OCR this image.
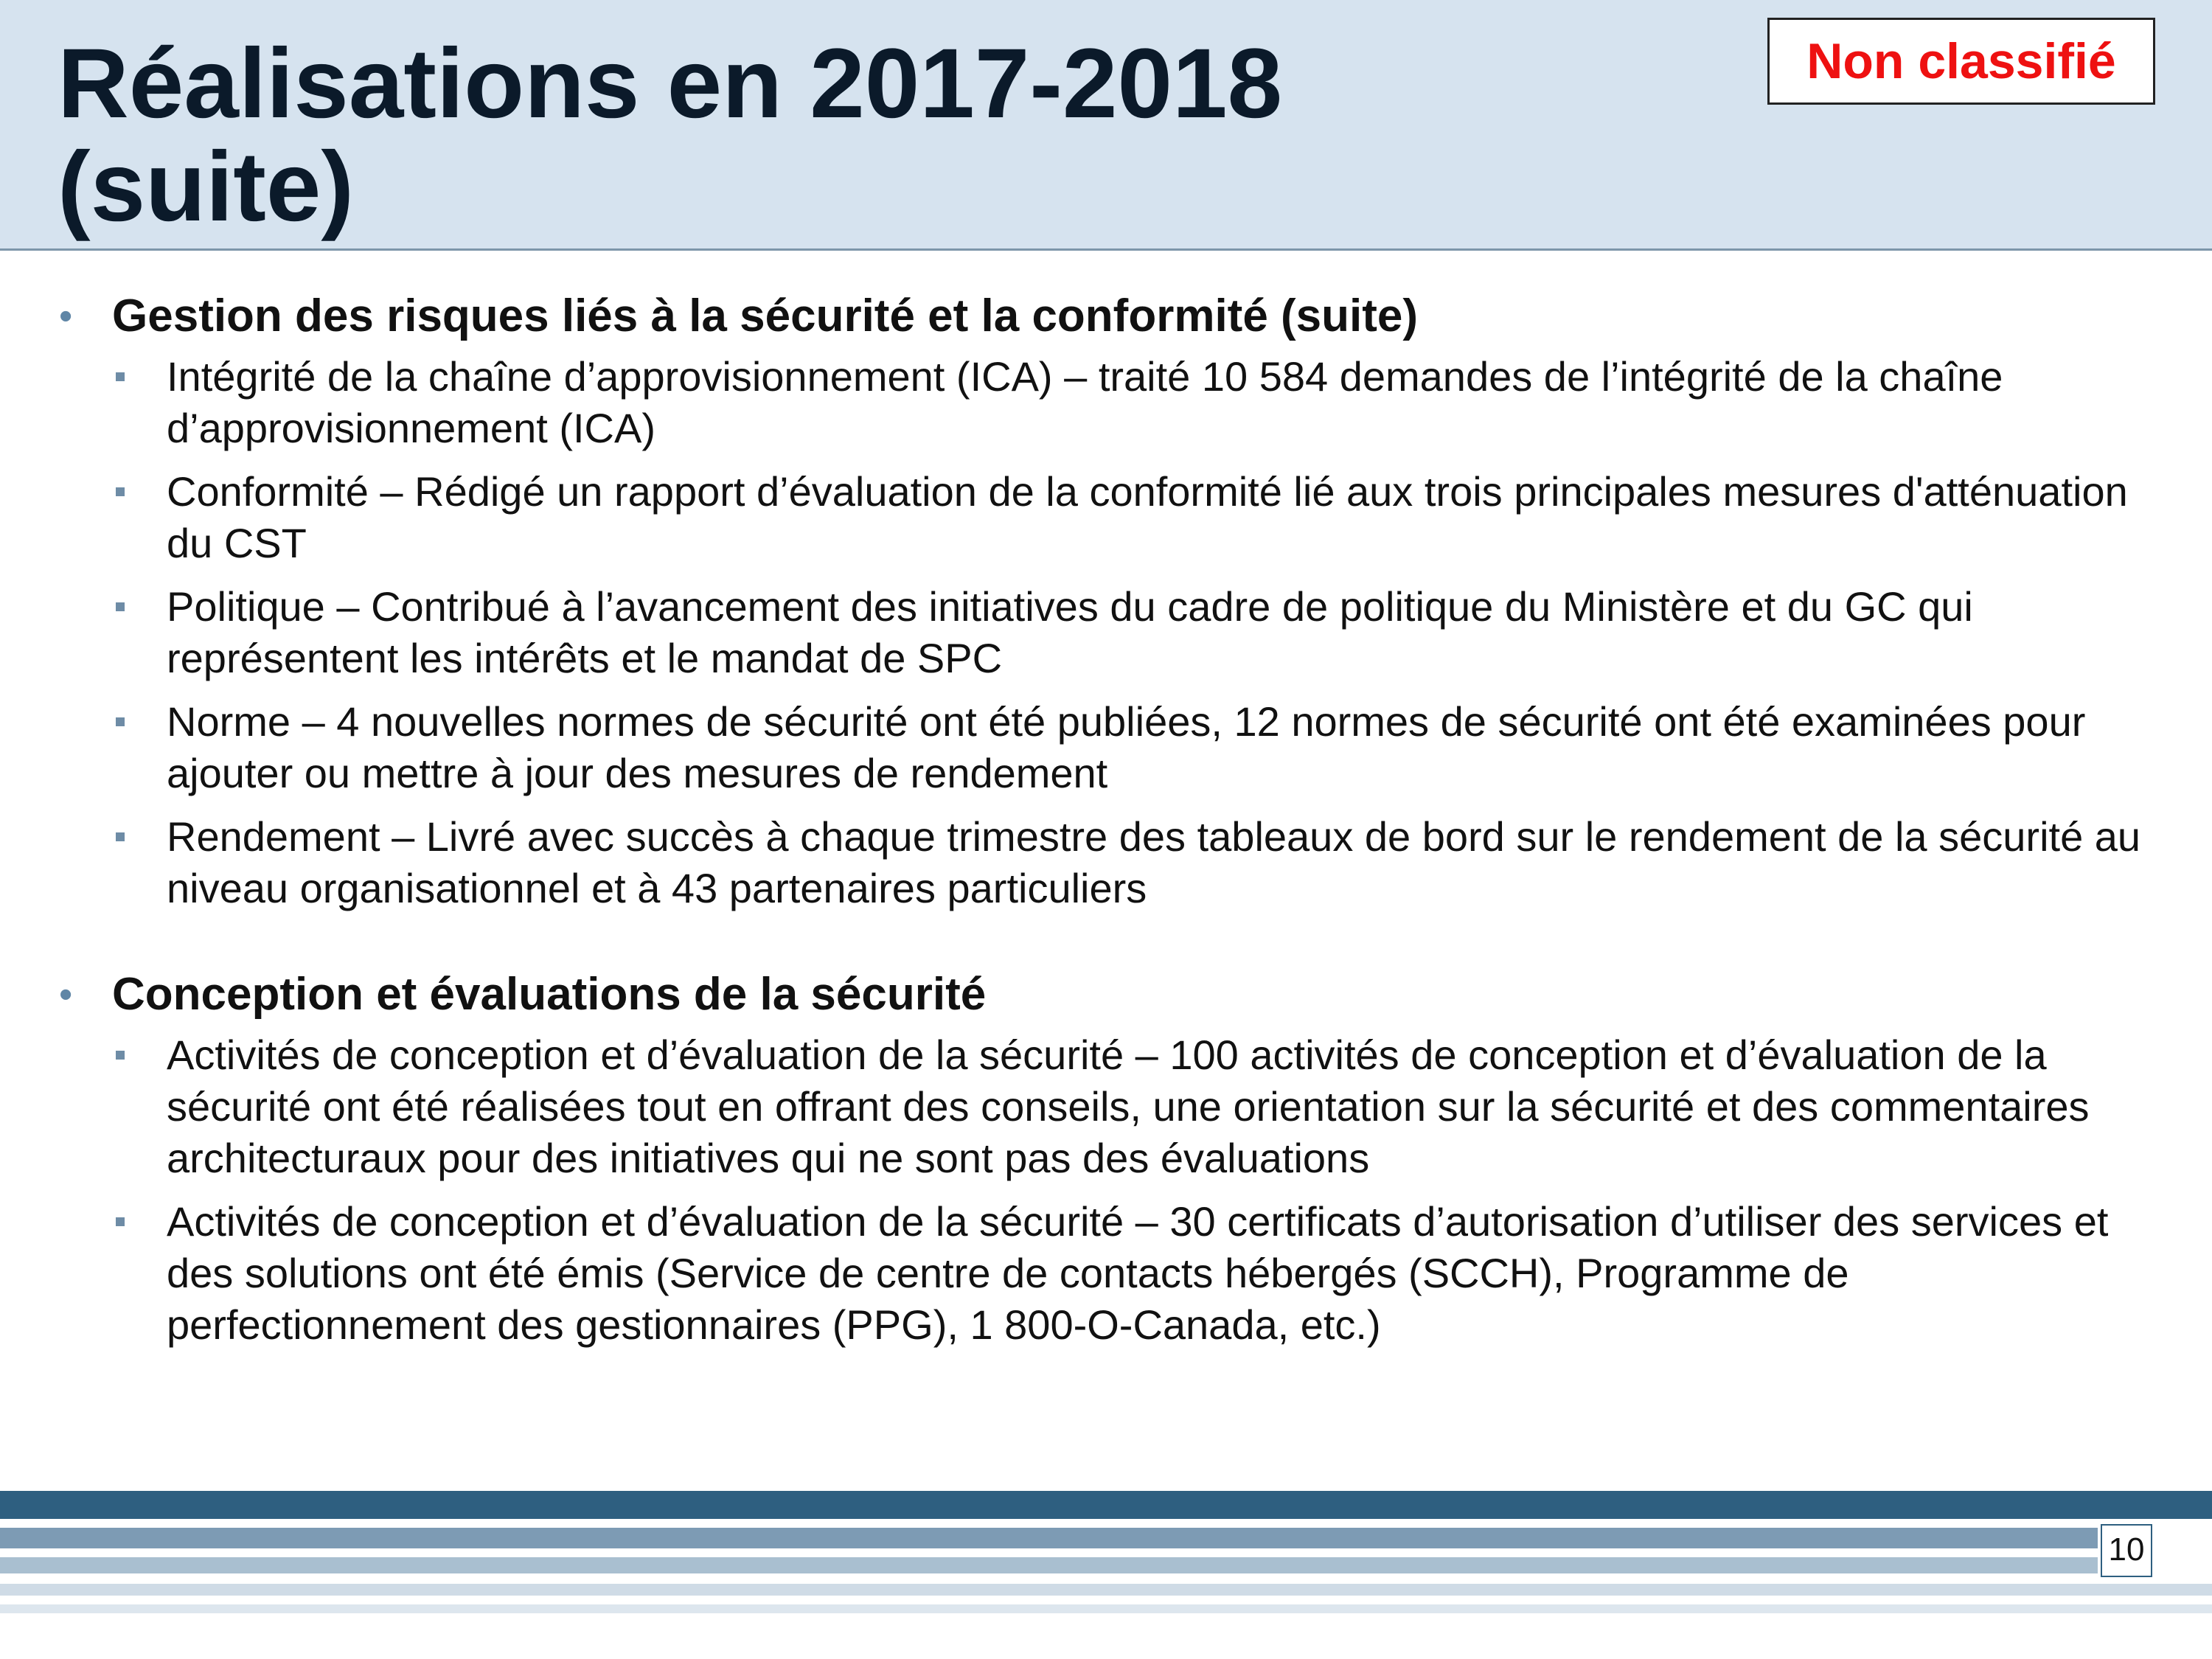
Réalisations en 2017-2018
(suite)
Non classifié
• Gestion des risques liés à la sécurité et la conformité (suite)
Intégrité de la chaîne d’approvisionnement (ICA) – traité 10 584 demandes de l’intégrité de la chaîne d’approvisionnement (ICA)
Conformité – Rédigé un rapport d’évaluation de la conformité lié aux trois principales mesures d'atténuation du CST
Politique – Contribué à l’avancement des initiatives du cadre de politique du Ministère et du GC qui représentent les intérêts et le mandat de SPC
Norme – 4 nouvelles normes de sécurité ont été publiées, 12 normes de sécurité ont été examinées pour ajouter ou mettre à jour des mesures de rendement
Rendement – Livré avec succès à chaque trimestre des tableaux de bord sur le rendement de la sécurité au niveau organisationnel et à 43 partenaires particuliers
• Conception et évaluations de la sécurité
Activités de conception et d’évaluation de la sécurité – 100 activités de conception et d’évaluation de la sécurité ont été réalisées tout en offrant des conseils, une orientation sur la sécurité et des commentaires architecturaux pour des initiatives qui ne sont pas des évaluations
Activités de conception et d’évaluation de la sécurité – 30 certificats d’autorisation d’utiliser des services et des solutions ont été émis (Service de centre de contacts hébergés (SCCH), Programme de perfectionnement des gestionnaires (PPG), 1 800-O-Canada, etc.)
10
